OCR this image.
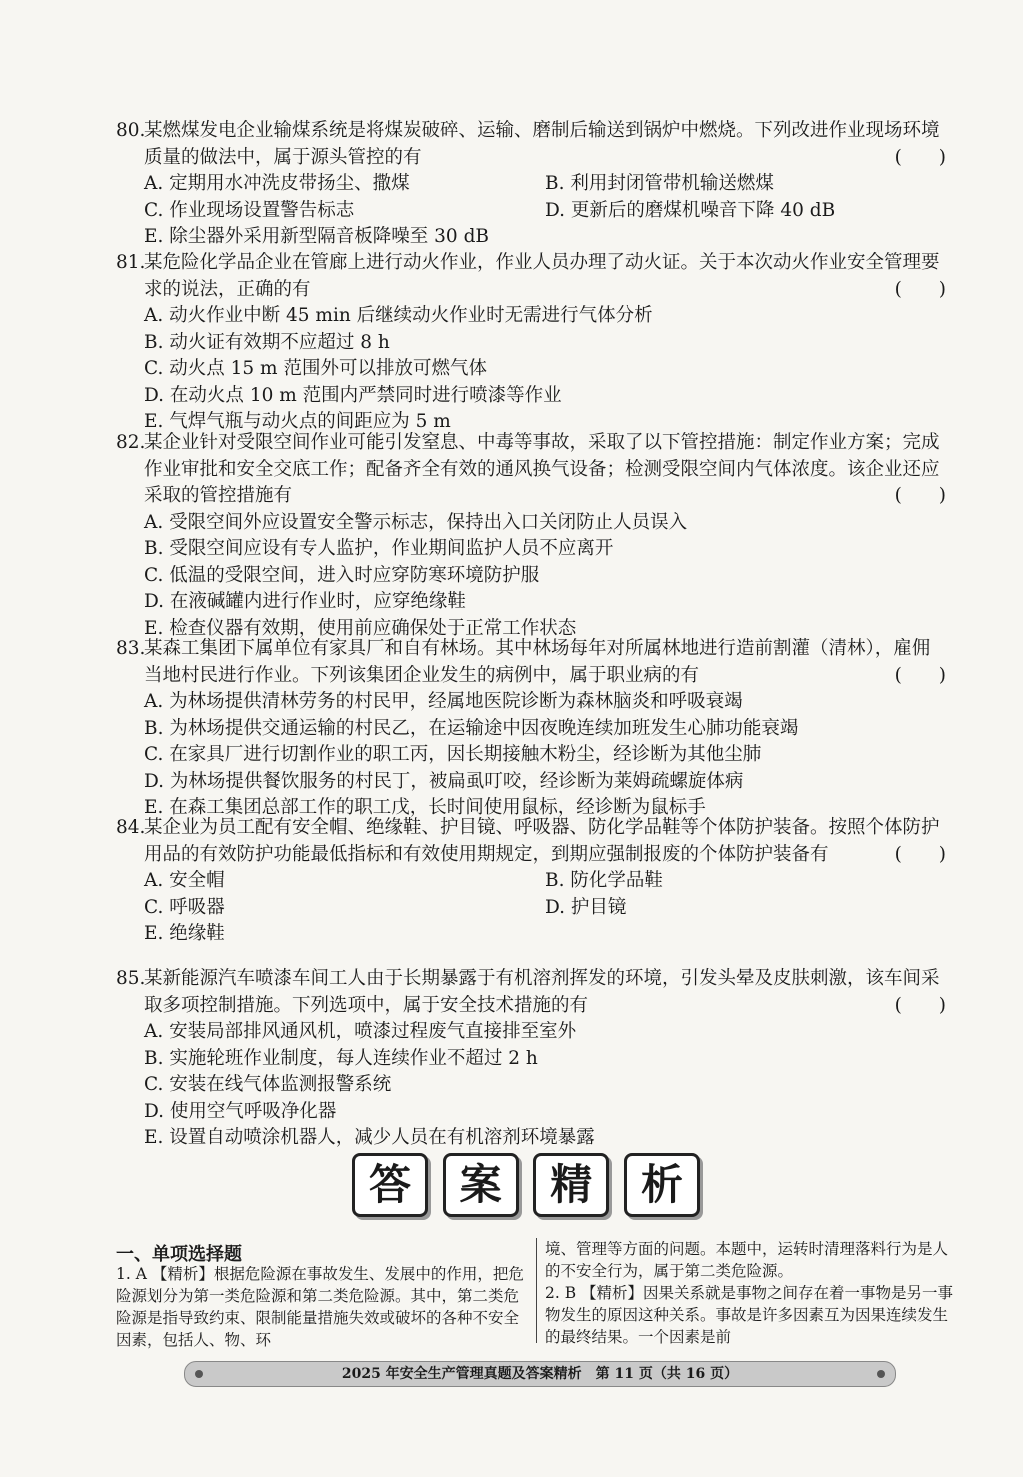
80.某燃煤发电企业输煤系统是将煤炭破碎、运输、磨制后输送到锅炉中燃烧。下列改进作业现场环境质量的做法中，属于源头管控的有	(　　)
A. 定期用水冲洗皮带扬尘、撒煤	B. 利用封闭管带机输送燃煤
C. 作业现场设置警告标志	D. 更新后的磨煤机噪音下降 40 dB
E. 除尘器外采用新型隔音板降噪至 30 dB
81.某危险化学品企业在管廊上进行动火作业，作业人员办理了动火证。关于本次动火作业安全管理要求的说法，正确的有	(　　)
A. 动火作业中断 45 min 后继续动火作业时无需进行气体分析
B. 动火证有效期不应超过 8 h
C. 动火点 15 m 范围外可以排放可燃气体
D. 在动火点 10 m 范围内严禁同时进行喷漆等作业
E. 气焊气瓶与动火点的间距应为 5 m
82.某企业针对受限空间作业可能引发窒息、中毒等事故，采取了以下管控措施：制定作业方案；完成作业审批和安全交底工作；配备齐全有效的通风换气设备；检测受限空间内气体浓度。该企业还应采取的管控措施有	(　　)
A. 受限空间外应设置安全警示标志，保持出入口关闭防止人员误入
B. 受限空间应设有专人监护，作业期间监护人员不应离开
C. 低温的受限空间，进入时应穿防寒环境防护服
D. 在液碱罐内进行作业时，应穿绝缘鞋
E. 检查仪器有效期，使用前应确保处于正常工作状态
83.某森工集团下属单位有家具厂和自有林场。其中林场每年对所属林地进行造前割灌（清林），雇佣当地村民进行作业。下列该集团企业发生的病例中，属于职业病的有	(　　)
A. 为林场提供清林劳务的村民甲，经属地医院诊断为森林脑炎和呼吸衰竭
B. 为林场提供交通运输的村民乙，在运输途中因夜晚连续加班发生心肺功能衰竭
C. 在家具厂进行切割作业的职工丙，因长期接触木粉尘，经诊断为其他尘肺
D. 为林场提供餐饮服务的村民丁，被扁虱叮咬，经诊断为莱姆疏螺旋体病
E. 在森工集团总部工作的职工戊，长时间使用鼠标，经诊断为鼠标手
84.某企业为员工配有安全帽、绝缘鞋、护目镜、呼吸器、防化学品鞋等个体防护装备。按照个体防护用品的有效防护功能最低指标和有效使用期规定，到期应强制报废的个体防护装备有	(　　)
A. 安全帽	B. 防化学品鞋
C. 呼吸器	D. 护目镜
E. 绝缘鞋
85.某新能源汽车喷漆车间工人由于长期暴露于有机溶剂挥发的环境，引发头晕及皮肤刺激，该车间采取多项控制措施。下列选项中，属于安全技术措施的有	(　　)
A. 安装局部排风通风机，喷漆过程废气直接排至室外
B. 实施轮班作业制度，每人连续作业不超过 2 h
C. 安装在线气体监测报警系统
D. 使用空气呼吸净化器
E. 设置自动喷涂机器人，减少人员在有机溶剂环境暴露
答	案	精	析
一、单项选择题
1. A 【精析】根据危险源在事故发生、发展中的作用，把危险源划分为第一类危险源和第二类危险源。其中，第二类危险源是指导致约束、限制能量措施失效或破坏的各种不安全因素，包括人、物、环
境、管理等方面的问题。本题中，运转时清理落料行为是人的不安全行为，属于第二类危险源。
2. B 【精析】因果关系就是事物之间存在着一事物是另一事物发生的原因这种关系。事故是许多因素互为因果连续发生的最终结果。一个因素是前
2025 年安全生产管理真题及答案精析　第 11 页（共 16 页）
